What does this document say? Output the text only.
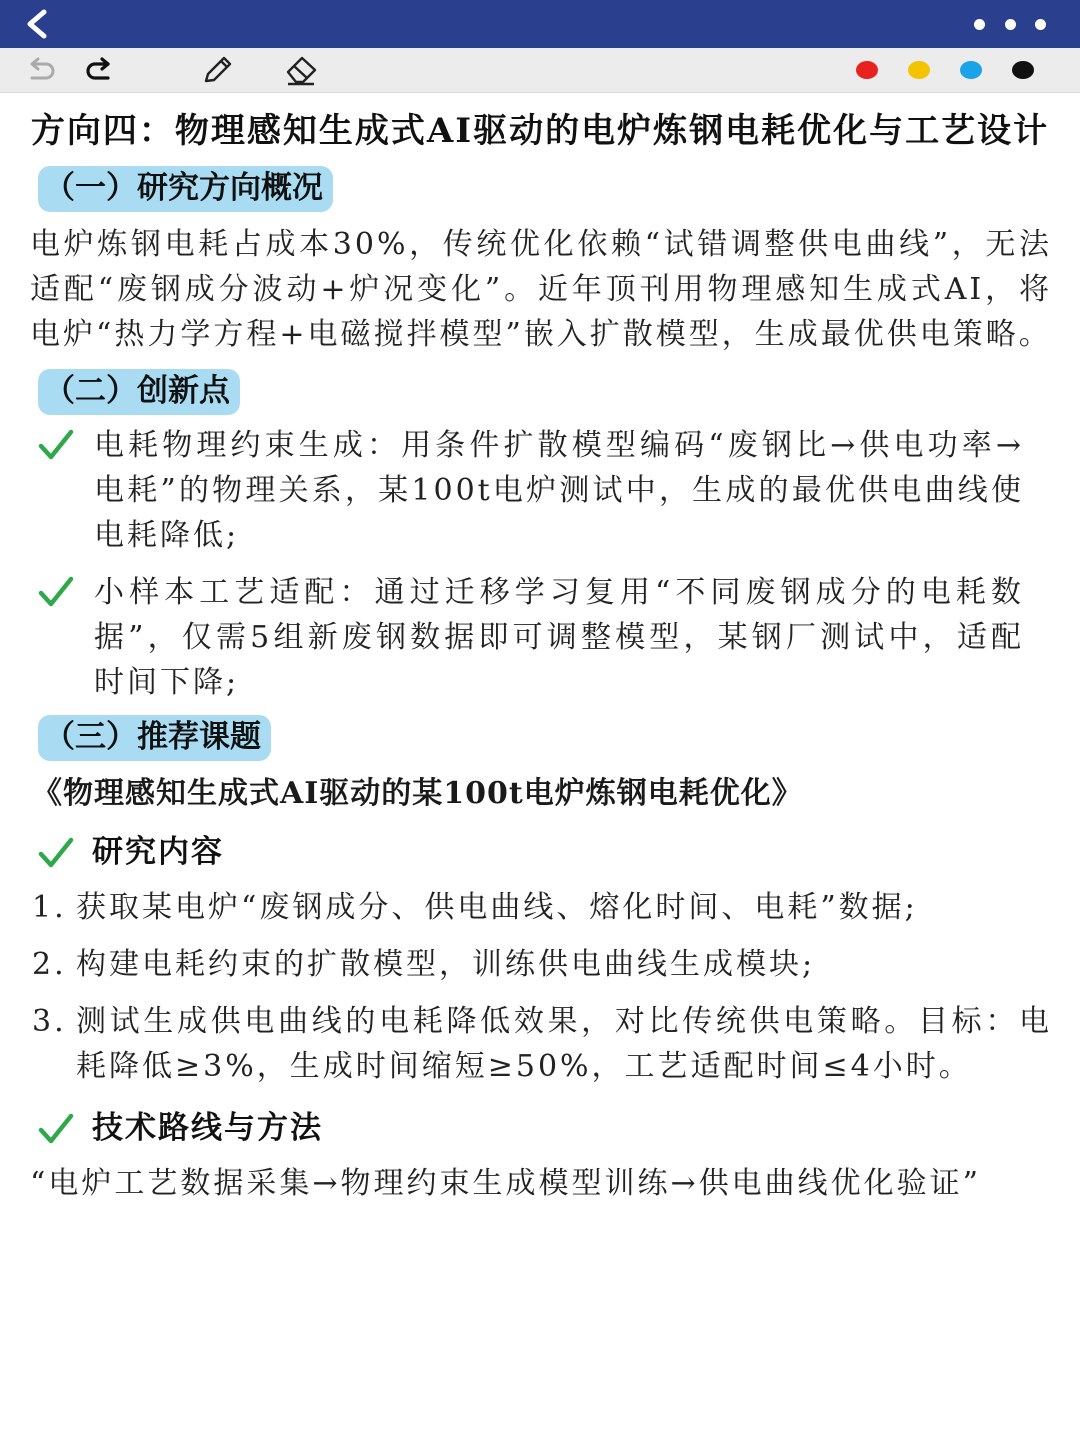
方向四：物理感知生成式AI驱动的电炉炼钢电耗优化与工艺设计
（一）研究方向概况
电炉炼钢电耗占成本30%，传统优化依赖“试错调整供电曲线”，无法适配“废钢成分波动+炉况变化”。近年顶刊用物理感知生成式AI，将电炉“热力学方程+电磁搅拌模型”嵌入扩散模型，生成最优供电策略。
（二）创新点
电耗物理约束生成：用条件扩散模型编码“废钢比→供电功率→电耗”的物理关系，某100t电炉测试中，生成的最优供电曲线使电耗降低;
小样本工艺适配：通过迁移学习复用“不同废钢成分的电耗数据”，仅需5组新废钢数据即可调整模型，某钢厂测试中，适配时间下降;
（三）推荐课题
《物理感知生成式AI驱动的某100t电炉炼钢电耗优化》
研究内容
1. 获取某电炉“废钢成分、供电曲线、熔化时间、电耗”数据;
2. 构建电耗约束的扩散模型，训练供电曲线生成模块;
3. 测试生成供电曲线的电耗降低效果，对比传统供电策略。目标：电耗降低≥3%，生成时间缩短≥50%，工艺适配时间≤4小时。
技术路线与方法
“电炉工艺数据采集→物理约束生成模型训练→供电曲线优化验证”
